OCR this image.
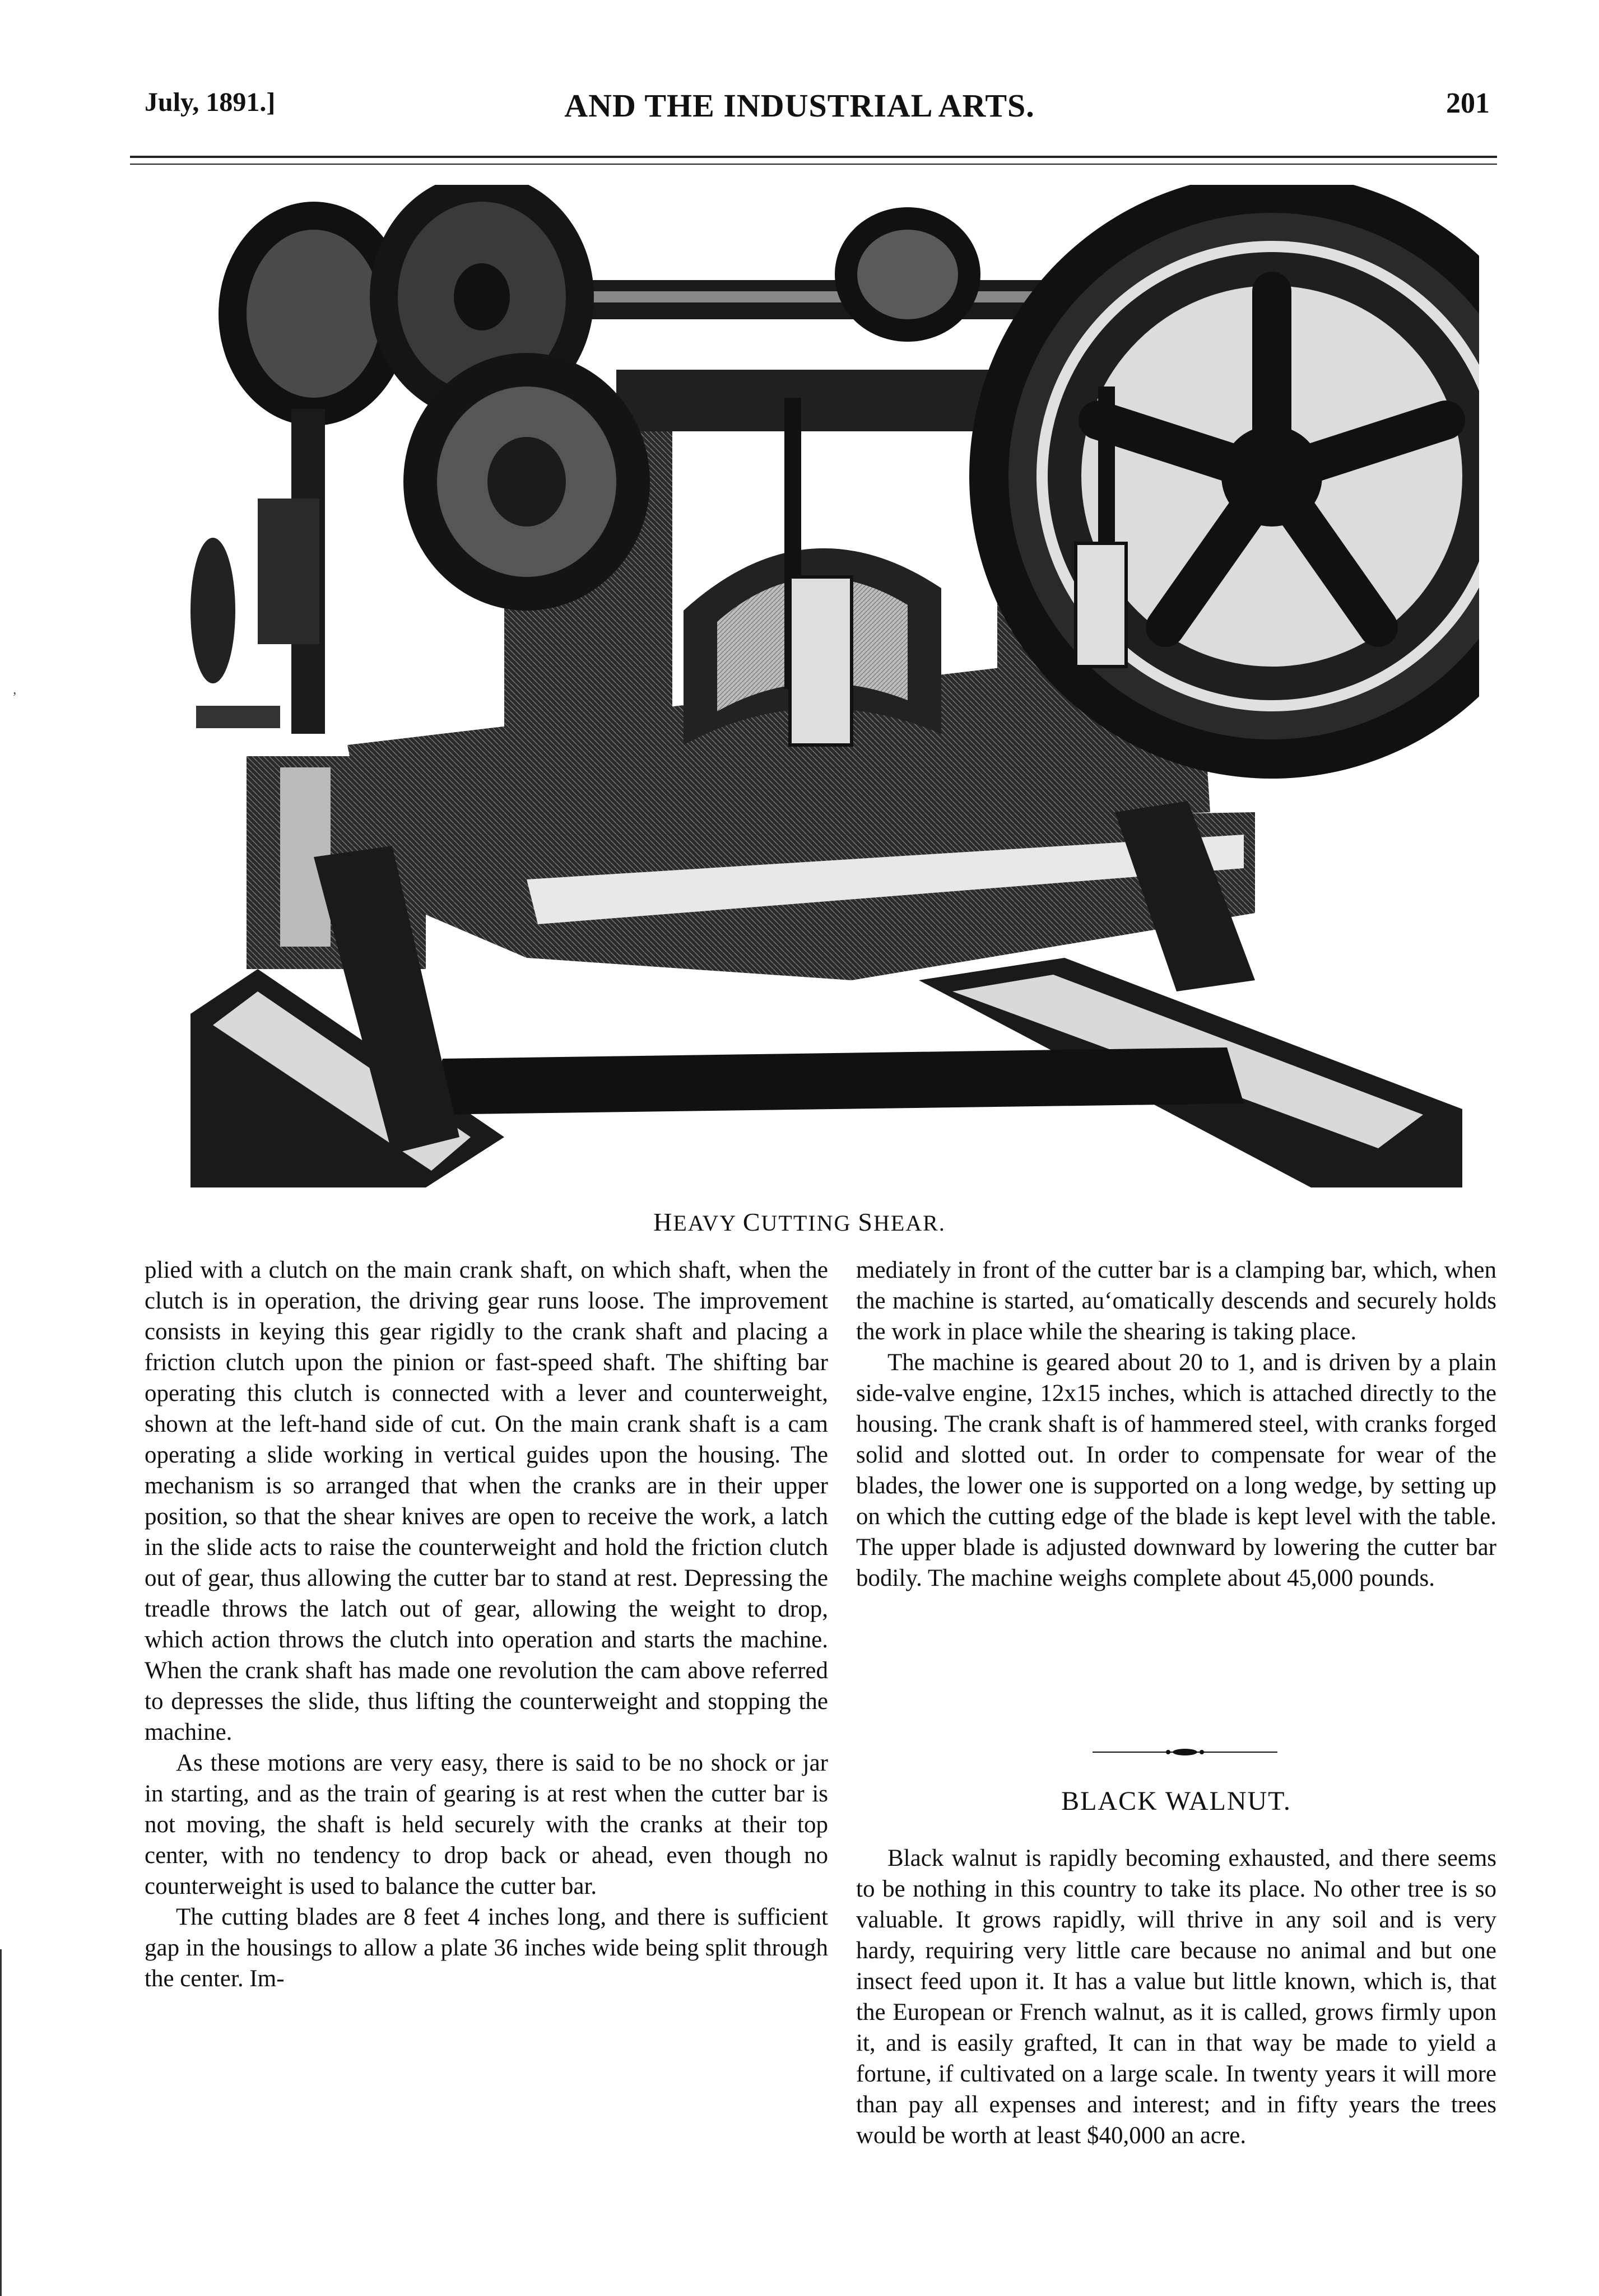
July, 1891.]	AND THE INDUSTRIAL ARTS.	201
’
HEAVY CUTTING SHEAR.

plied with a clutch on the main crank shaft, on which shaft, when the clutch is in operation, the driving gear runs loose. The improvement consists in keying this gear rigidly to the crank shaft and placing a friction clutch upon the pinion or fast-speed shaft. The shifting bar operating this clutch is connected with a lever and counterweight, shown at the left-hand side of cut. On the main crank shaft is a cam operating a slide working in vertical guides upon the housing. The mechanism is so arranged that when the cranks are in their upper position, so that the shear knives are open to receive the work, a latch in the slide acts to raise the counterweight and hold the friction clutch out of gear, thus allowing the cutter bar to stand at rest. Depressing the treadle throws the latch out of gear, allowing the weight to drop, which action throws the clutch into operation and starts the machine. When the crank shaft has made one revolution the cam above referred to depresses the slide, thus lifting the counterweight and stopping the machine.

As these motions are very easy, there is said to be no shock or jar in starting, and as the train of gearing is at rest when the cutter bar is not moving, the shaft is held securely with the cranks at their top center, with no tendency to drop back or ahead, even though no counterweight is used to balance the cutter bar.

The cutting blades are 8 feet 4 inches long, and there is sufficient gap in the housings to allow a plate 36 inches wide being split through the center. Im-

mediately in front of the cutter bar is a clamping bar, which, when the machine is started, auʻomatically descends and securely holds the work in place while the shearing is taking place.

The machine is geared about 20 to 1, and is driven by a plain side-valve engine, 12x15 inches, which is attached directly to the housing. The crank shaft is of hammered steel, with cranks forged solid and slotted out. In order to compensate for wear of the blades, the lower one is supported on a long wedge, by setting up on which the cutting edge of the blade is kept level with the table. The upper blade is adjusted downward by lowering the cutter bar bodily. The machine weighs complete about 45,000 pounds.

BLACK WALNUT.

Black walnut is rapidly becoming exhausted, and there seems to be nothing in this country to take its place. No other tree is so valuable. It grows rapidly, will thrive in any soil and is very hardy, requiring very little care because no animal and but one insect feed upon it. It has a value but little known, which is, that the European or French walnut, as it is called, grows firmly upon it, and is easily grafted, It can in that way be made to yield a fortune, if cultivated on a large scale. In twenty years it will more than pay all expenses and interest; and in fifty years the trees would be worth at least $40,000 an acre.
